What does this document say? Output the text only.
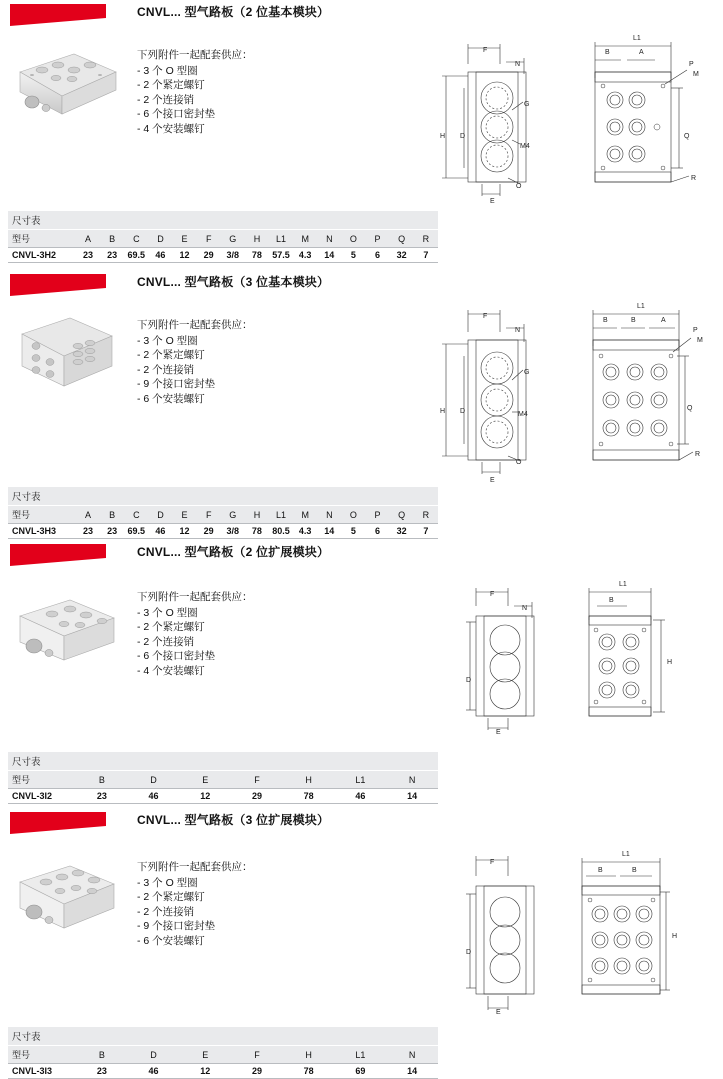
CNVL... 型气路板（2 位基本模块）
下列附件一起配套供应：
- 3 个 O 型圈
- 2 个紧定螺钉
- 2 个连接销
- 6 个接口密封垫
- 4 个安装螺钉
F
N
H D
G
M4
E
O
L1
B	A
P
M
Q
R
尺寸表
型号	A	B	C	D	E	F	G	H	L1	M	N	O	P	Q	R
CNVL-3H2	23	23	69.5	46	12	29	3/8	78	57.5	4.3	14	5	6	32	7
CNVL... 型气路板（3 位基本模块）
下列附件一起配套供应：
- 3 个 O 型圈
- 2 个紧定螺钉
- 2 个连接销
- 9 个接口密封垫
- 6 个安装螺钉
F
N
H D
G
M4
E
O
L1
B	B	A
P
M
Q
R
尺寸表
型号	A	B	C	D	E	F	G	H	L1	M	N	O	P	Q	R
CNVL-3H3	23	23	69.5	46	12	29	3/8	78	80.5	4.3	14	5	6	32	7
CNVL... 型气路板（2 位扩展模块）
下列附件一起配套供应：
- 3 个 O 型圈
- 2 个紧定螺钉
- 2 个连接销
- 6 个接口密封垫
- 4 个安装螺钉
F
N
D
E
L1
B
H
尺寸表
型号	B	D	E	F	H	L1	N
CNVL-3I2	23	46	12	29	78	46	14
CNVL... 型气路板（3 位扩展模块）
下列附件一起配套供应：
- 3 个 O 型圈
- 2 个紧定螺钉
- 2 个连接销
- 9 个接口密封垫
- 6 个安装螺钉
F
D
E
L1
B	B
H
尺寸表
型号	B	D	E	F	H	L1	N
CNVL-3I3	23	46	12	29	78	69	14
